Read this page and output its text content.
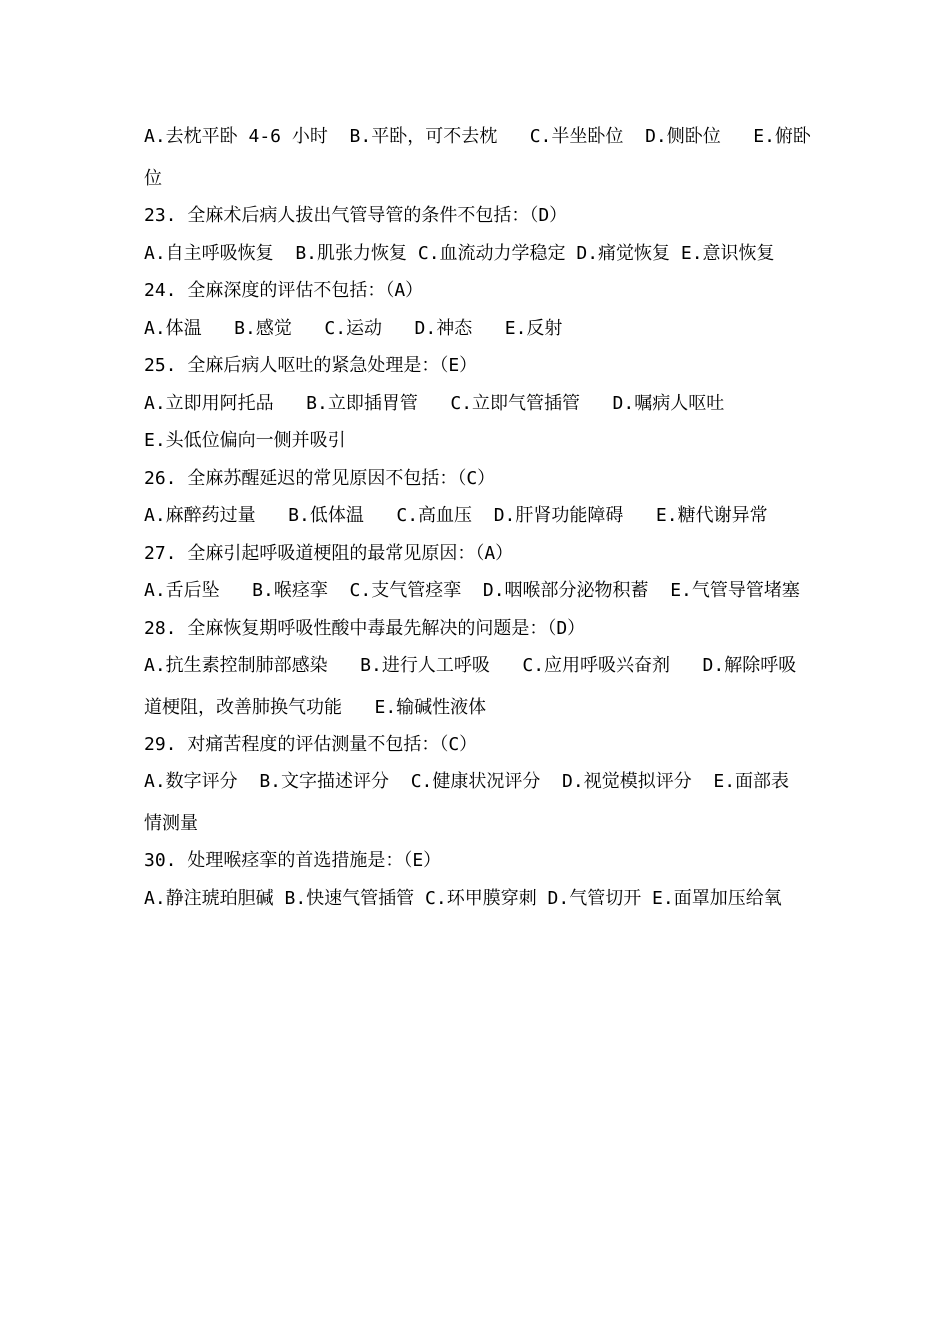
A.去枕平卧 4-6 小时  B.平卧，可不去枕   C.半坐卧位  D.侧卧位   E.俯卧
位
23. 全麻术后病人拔出气管导管的条件不包括：（D）
A.自主呼吸恢复  B.肌张力恢复 C.血流动力学稳定 D.痛觉恢复 E.意识恢复
24. 全麻深度的评估不包括：（A）
A.体温   B.感觉   C.运动   D.神态   E.反射
25. 全麻后病人呕吐的紧急处理是：（E）
A.立即用阿托品   B.立即插胃管   C.立即气管插管   D.嘱病人呕吐
E.头低位偏向一侧并吸引
26. 全麻苏醒延迟的常见原因不包括：（C）
A.麻醉药过量   B.低体温   C.高血压  D.肝肾功能障碍   E.糖代谢异常
27. 全麻引起呼吸道梗阻的最常见原因：（A）
A.舌后坠   B.喉痉挛  C.支气管痉挛  D.咽喉部分泌物积蓄  E.气管导管堵塞
28. 全麻恢复期呼吸性酸中毒最先解决的问题是：（D）
A.抗生素控制肺部感染   B.进行人工呼吸   C.应用呼吸兴奋剂   D.解除呼吸
道梗阻，改善肺换气功能   E.输碱性液体
29. 对痛苦程度的评估测量不包括：（C）
A.数字评分  B.文字描述评分  C.健康状况评分  D.视觉模拟评分  E.面部表
情测量
30. 处理喉痉挛的首选措施是：（E）
A.静注琥珀胆碱 B.快速气管插管 C.环甲膜穿刺 D.气管切开 E.面罩加压给氧
